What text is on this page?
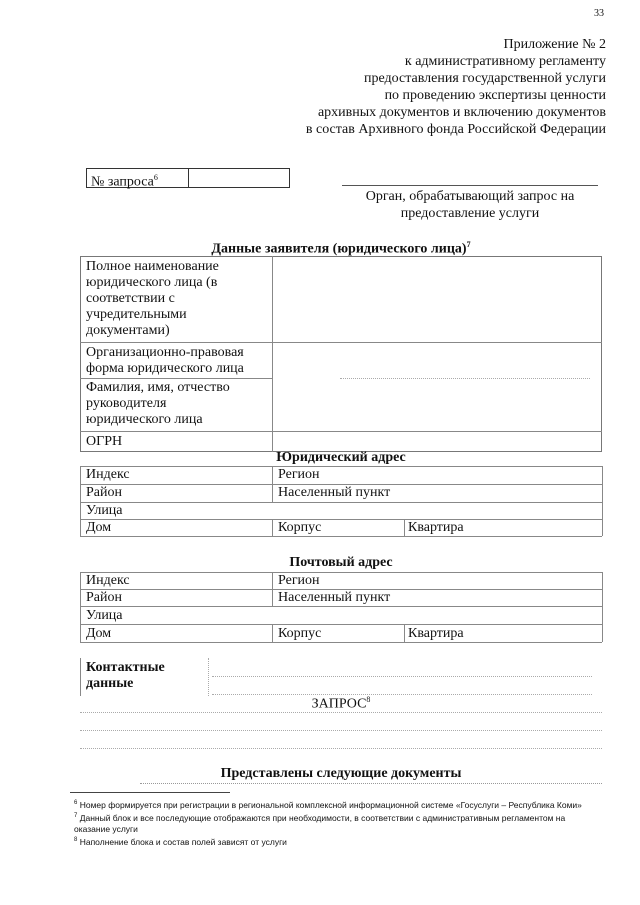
33
Приложение № 2
к административному регламенту
предоставления государственной услуги
по проведению экспертизы ценности
архивных документов и включению документов
в состав Архивного фонда Российской Федерации
№ запроса$^6$
Орган, обрабатывающий запрос на
предоставление услуги
Данные заявителя (юридического лица)$^7$
Полное наименование
юридического лица (в
соответствии с
учредительными
документами)
Организационно-правовая
форма юридического лица
Фамилия, имя, отчество
руководителя
юридического лица
ОГРН
Юридический адрес
Индекс	Регион
Район	Населенный пункт
Улица
Дом	Корпус	Квартира
Почтовый адрес
Индекс	Регион
Район	Населенный пункт
Улица
Дом	Корпус	Квартира
Контактные
данные
ЗАПРОС$^8$
Представлены следующие документы
$^6$ Номер формируется при регистрации в региональной комплексной информационной системе «Госуслуги – Республика Коми»
$^7$ Данный блок и все последующие отображаются при необходимости, в соответствии с административным регламентом на оказание услуги
$^8$ Наполнение блока и состав полей зависят от услуги
